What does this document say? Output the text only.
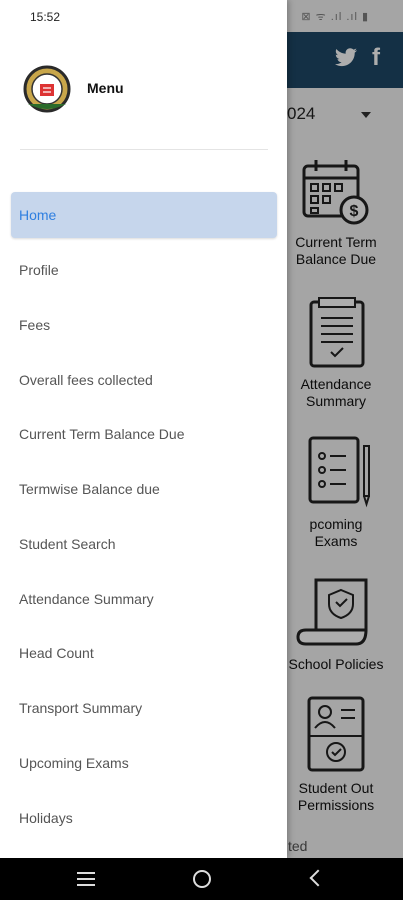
f
024
$
Current Term Balance Due
Attendance Summary
pcoming Exams
School Policies
Student Out Permissions
ted
Menu
Home
Profile
Fees
Overall fees collected
Current Term Balance Due
Termwise Balance due
Student Search
Attendance Summary
Head Count
Transport Summary
Upcoming Exams
Holidays
15:52	⊠ ᯤ .ıl .ıl ▮
